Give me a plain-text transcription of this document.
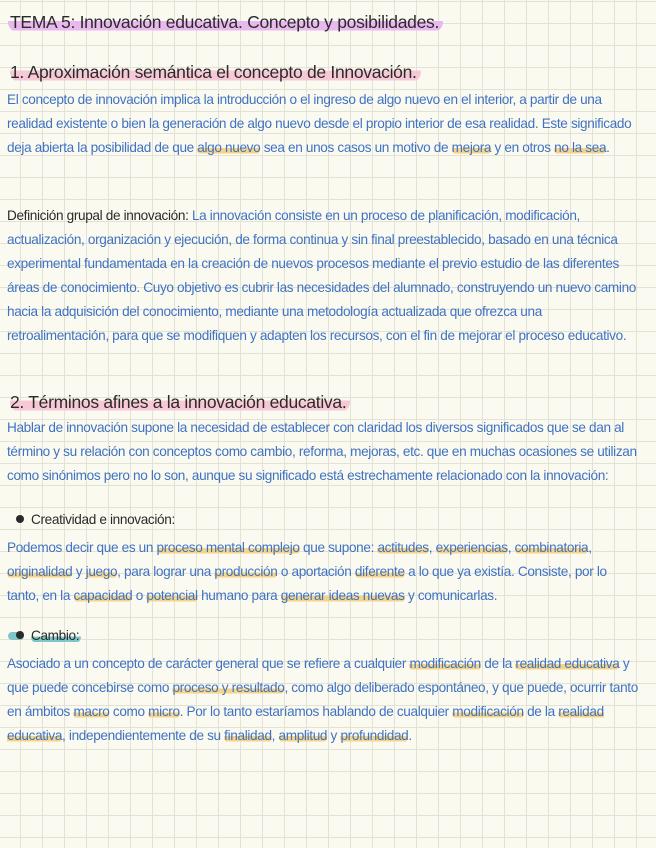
TEMA 5: Innovación educativa. Concepto y posibilidades.
1. Aproximación semántica el concepto de Innovación.
El concepto de innovación implica la introducción o el ingreso de algo nuevo en el interior, a partir de una realidad existente o bien la generación de algo nuevo desde el propio interior de esa realidad. Este significado deja abierta la posibilidad de que algo nuevo sea en unos casos un motivo de mejora y en otros no la sea.
Definición grupal de innovación: La innovación consiste en un proceso de planificación, modificación, actualización, organización y ejecución, de forma continua y sin final preestablecido, basado en una técnica experimental fundamentada en la creación de nuevos procesos mediante el previo estudio de las diferentes áreas de conocimiento. Cuyo objetivo es cubrir las necesidades del alumnado, construyendo un nuevo camino hacia la adquisición del conocimiento, mediante una metodología actualizada que ofrezca una retroalimentación, para que se modifiquen y adapten los recursos, con el fin de mejorar el proceso educativo.
2. Términos afines a la innovación educativa.
Hablar de innovación supone la necesidad de establecer con claridad los diversos significados que se dan al término y su relación con conceptos como cambio, reforma, mejoras, etc. que en muchas ocasiones se utilizan como sinónimos pero no lo son, aunque su significado está estrechamente relacionado con la innovación:
Creatividad e innovación:
Podemos decir que es un proceso mental complejo que supone: actitudes, experiencias, combinatoria, originalidad y juego, para lograr una producción o aportación diferente a lo que ya existía. Consiste, por lo tanto, en la capacidad o potencial humano para generar ideas nuevas y comunicarlas.
Cambio:
Asociado a un concepto de carácter general que se refiere a cualquier modificación de la realidad educativa y que puede concebirse como proceso y resultado, como algo deliberado espontáneo, y que puede, ocurrir tanto en ámbitos macro como micro. Por lo tanto estaríamos hablando de cualquier modificación de la realidad educativa, independientemente de su finalidad, amplitud y profundidad.
